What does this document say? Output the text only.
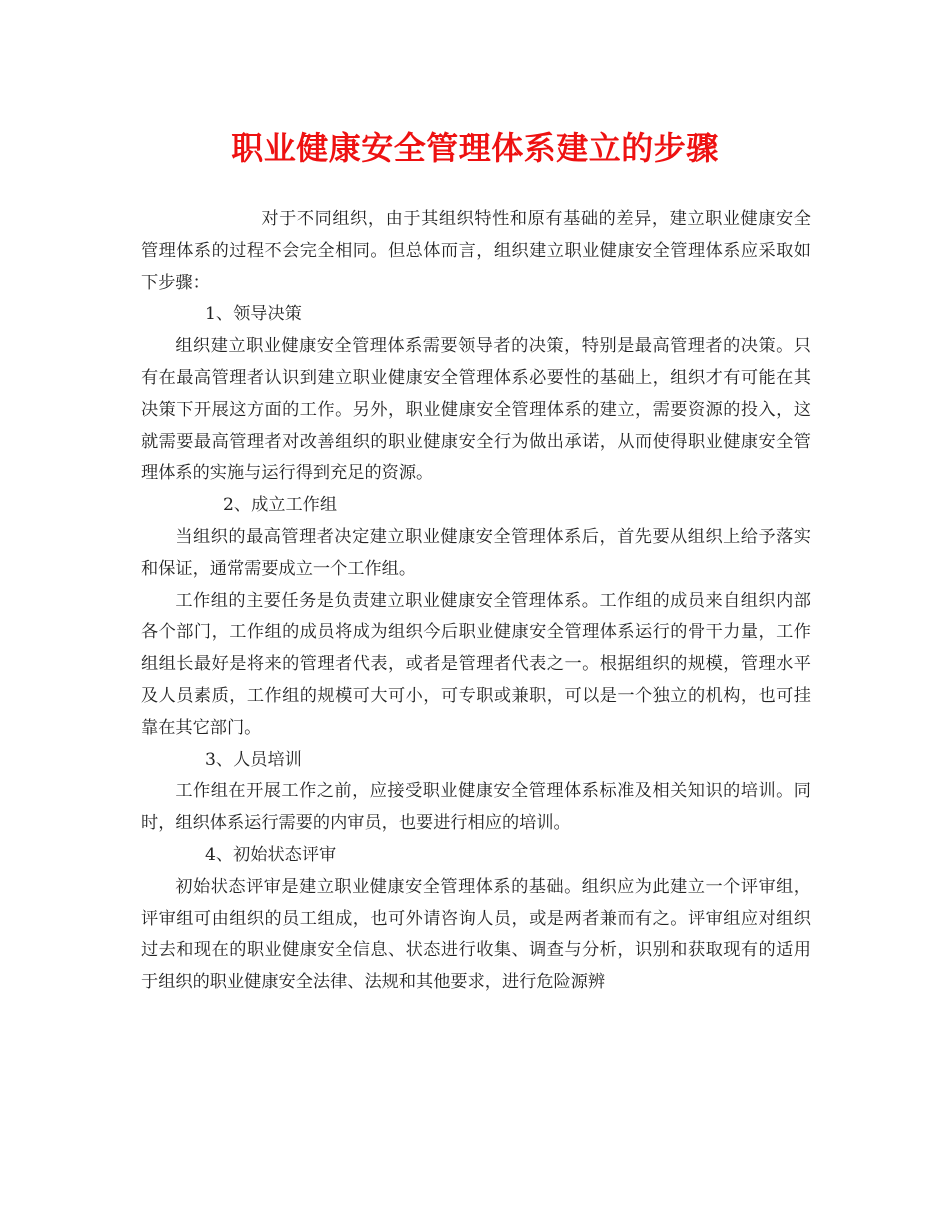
职业健康安全管理体系建立的步骤

对于不同组织，由于其组织特性和原有基础的差异，建立职业健康安全管理体系的过程不会完全相同。但总体而言，组织建立职业健康安全管理体系应采取如下步骤：

1、领导决策

组织建立职业健康安全管理体系需要领导者的决策，特别是最高管理者的决策。只有在最高管理者认识到建立职业健康安全管理体系必要性的基础上，组织才有可能在其决策下开展这方面的工作。另外，职业健康安全管理体系的建立，需要资源的投入，这就需要最高管理者对改善组织的职业健康安全行为做出承诺，从而使得职业健康安全管理体系的实施与运行得到充足的资源。

2、成立工作组

当组织的最高管理者决定建立职业健康安全管理体系后，首先要从组织上给予落实和保证，通常需要成立一个工作组。

工作组的主要任务是负责建立职业健康安全管理体系。工作组的成员来自组织内部各个部门，工作组的成员将成为组织今后职业健康安全管理体系运行的骨干力量，工作组组长最好是将来的管理者代表，或者是管理者代表之一。根据组织的规模，管理水平及人员素质，工作组的规模可大可小，可专职或兼职，可以是一个独立的机构，也可挂靠在其它部门。

3、人员培训

工作组在开展工作之前，应接受职业健康安全管理体系标准及相关知识的培训。同时，组织体系运行需要的内审员，也要进行相应的培训。

4、初始状态评审

初始状态评审是建立职业健康安全管理体系的基础。组织应为此建立一个评审组，评审组可由组织的员工组成，也可外请咨询人员，或是两者兼而有之。评审组应对组织过去和现在的职业健康安全信息、状态进行收集、调查与分析，识别和获取现有的适用于组织的职业健康安全法律、法规和其他要求，进行危险源辨
